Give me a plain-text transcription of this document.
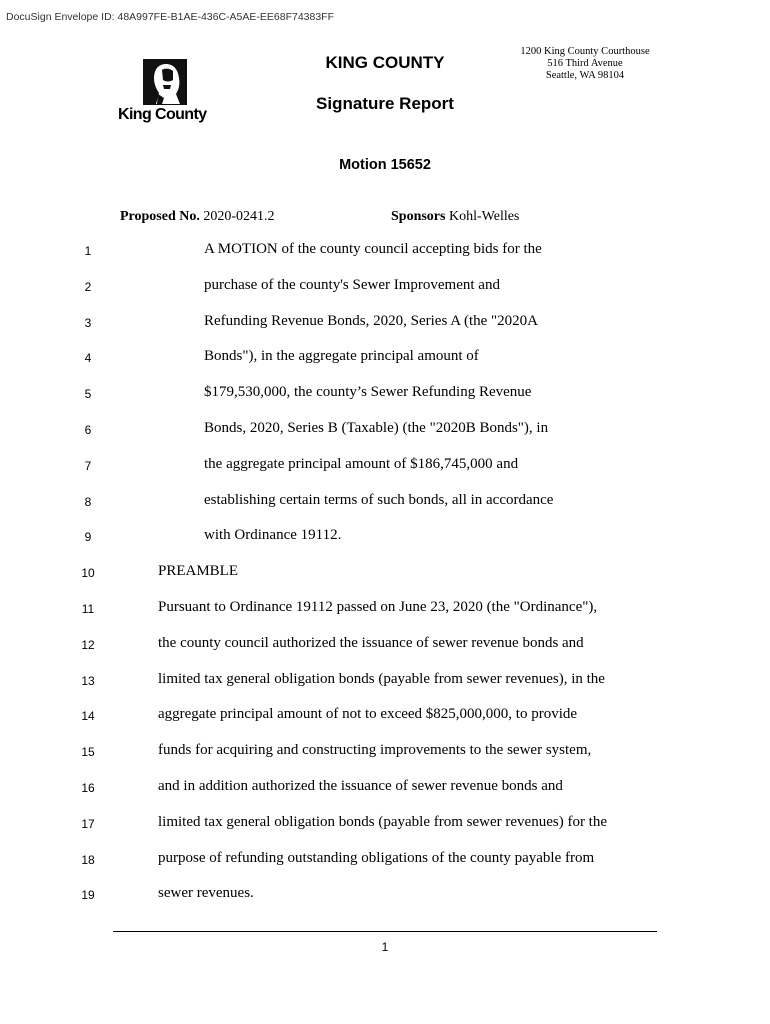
DocuSign Envelope ID: 48A997FE-B1AE-436C-A5AE-EE68F74383FF
King County
KING COUNTY
1200 King County Courthouse
516 Third Avenue
Seattle, WA 98104
Signature Report
Motion 15652
Proposed No. 2020-0241.2	Sponsors Kohl-Welles
1	A MOTION of the county council accepting bids for the
2	purchase of the county's Sewer Improvement and
3	Refunding Revenue Bonds, 2020, Series A (the "2020A
4	Bonds"), in the aggregate principal amount of
5	$179,530,000, the county’s Sewer Refunding Revenue
6	Bonds, 2020, Series B (Taxable) (the "2020B Bonds"), in
7	the aggregate principal amount of $186,745,000 and
8	establishing certain terms of such bonds, all in accordance
9	with Ordinance 19112.
10	PREAMBLE
11	Pursuant to Ordinance 19112 passed on June 23, 2020 (the "Ordinance"),
12	the county council authorized the issuance of sewer revenue bonds and
13	limited tax general obligation bonds (payable from sewer revenues), in the
14	aggregate principal amount of not to exceed $825,000,000, to provide
15	funds for acquiring and constructing improvements to the sewer system,
16	and in addition authorized the issuance of sewer revenue bonds and
17	limited tax general obligation bonds (payable from sewer revenues) for the
18	purpose of refunding outstanding obligations of the county payable from
19	sewer revenues.
1
